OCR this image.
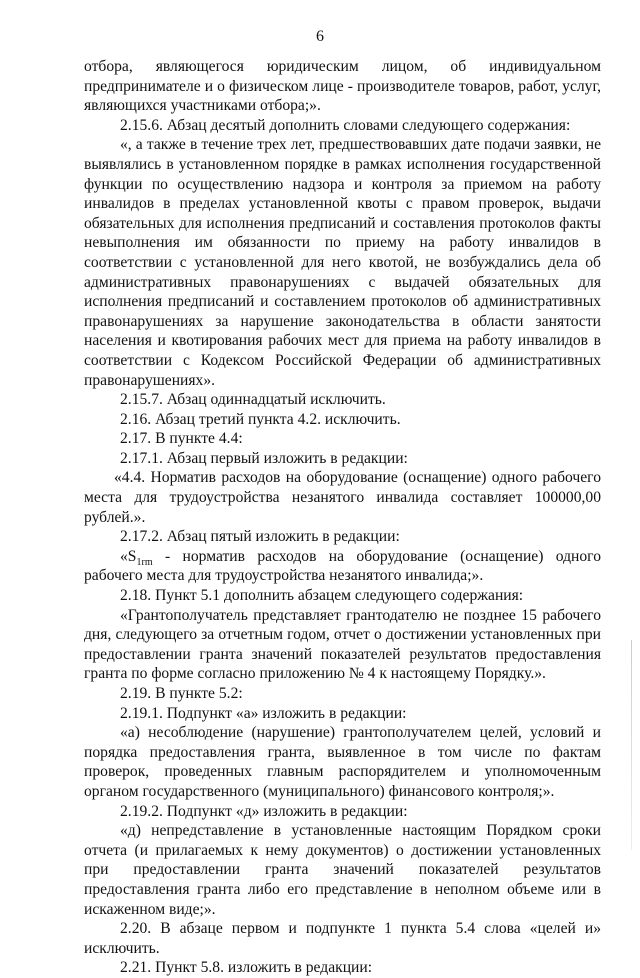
6

отбора, являющегося юридическим лицом, об индивидуальном предпринимателе и о физическом лице - производителе товаров, работ, услуг, являющихся участниками отбора;».

2.15.6. Абзац десятый дополнить словами следующего содержания:

«, а также в течение трех лет, предшествовавших дате подачи заявки, не выявлялись в установленном порядке в рамках исполнения государственной функции по осуществлению надзора и контроля за приемом на работу инвалидов в пределах установленной квоты с правом проверок, выдачи обязательных для исполнения предписаний и составления протоколов факты невыполнения им обязанности по приему на работу инвалидов в соответствии с установленной для него квотой, не возбуждались дела об административных правонарушениях с выдачей обязательных для исполнения предписаний и составлением протоколов об административных правонарушениях за нарушение законодательства в области занятости населения и квотирования рабочих мест для приема на работу инвалидов в соответствии с Кодексом Российской Федерации об административных правонарушениях».

2.15.7. Абзац одиннадцатый исключить.

2.16. Абзац третий пункта 4.2. исключить.

2.17. В пункте 4.4:

2.17.1. Абзац первый изложить в редакции:

«4.4. Норматив расходов на оборудование (оснащение) одного рабочего места для трудоустройства незанятого инвалида составляет 100000,00 рублей.».

2.17.2. Абзац пятый изложить в редакции:

«$S_{1rm}$ - норматив расходов на оборудование (оснащение) одного рабочего места для трудоустройства незанятого инвалида;».

2.18. Пункт 5.1 дополнить абзацем следующего содержания:

«Грантополучатель представляет грантодателю не позднее 15 рабочего дня, следующего за отчетным годом, отчет о достижении установленных при предоставлении гранта значений показателей результатов предоставления гранта по форме согласно приложению № 4 к настоящему Порядку.».

2.19. В пункте 5.2:

2.19.1. Подпункт «а» изложить в редакции:

«а) несоблюдение (нарушение) грантополучателем целей, условий и порядка предоставления гранта, выявленное в том числе по фактам проверок, проведенных главным распорядителем и уполномоченным органом государственного (муниципального) финансового контроля;».

2.19.2. Подпункт «д» изложить в редакции:

«д) непредставление в установленные настоящим Порядком сроки отчета (и прилагаемых к нему документов) о достижении установленных при предоставлении гранта значений показателей результатов предоставления гранта либо его представление в неполном объеме или в искаженном виде;».

2.20. В абзаце первом и подпункте 1 пункта 5.4 слова «целей и» исключить.

2.21. Пункт 5.8. изложить в редакции:
